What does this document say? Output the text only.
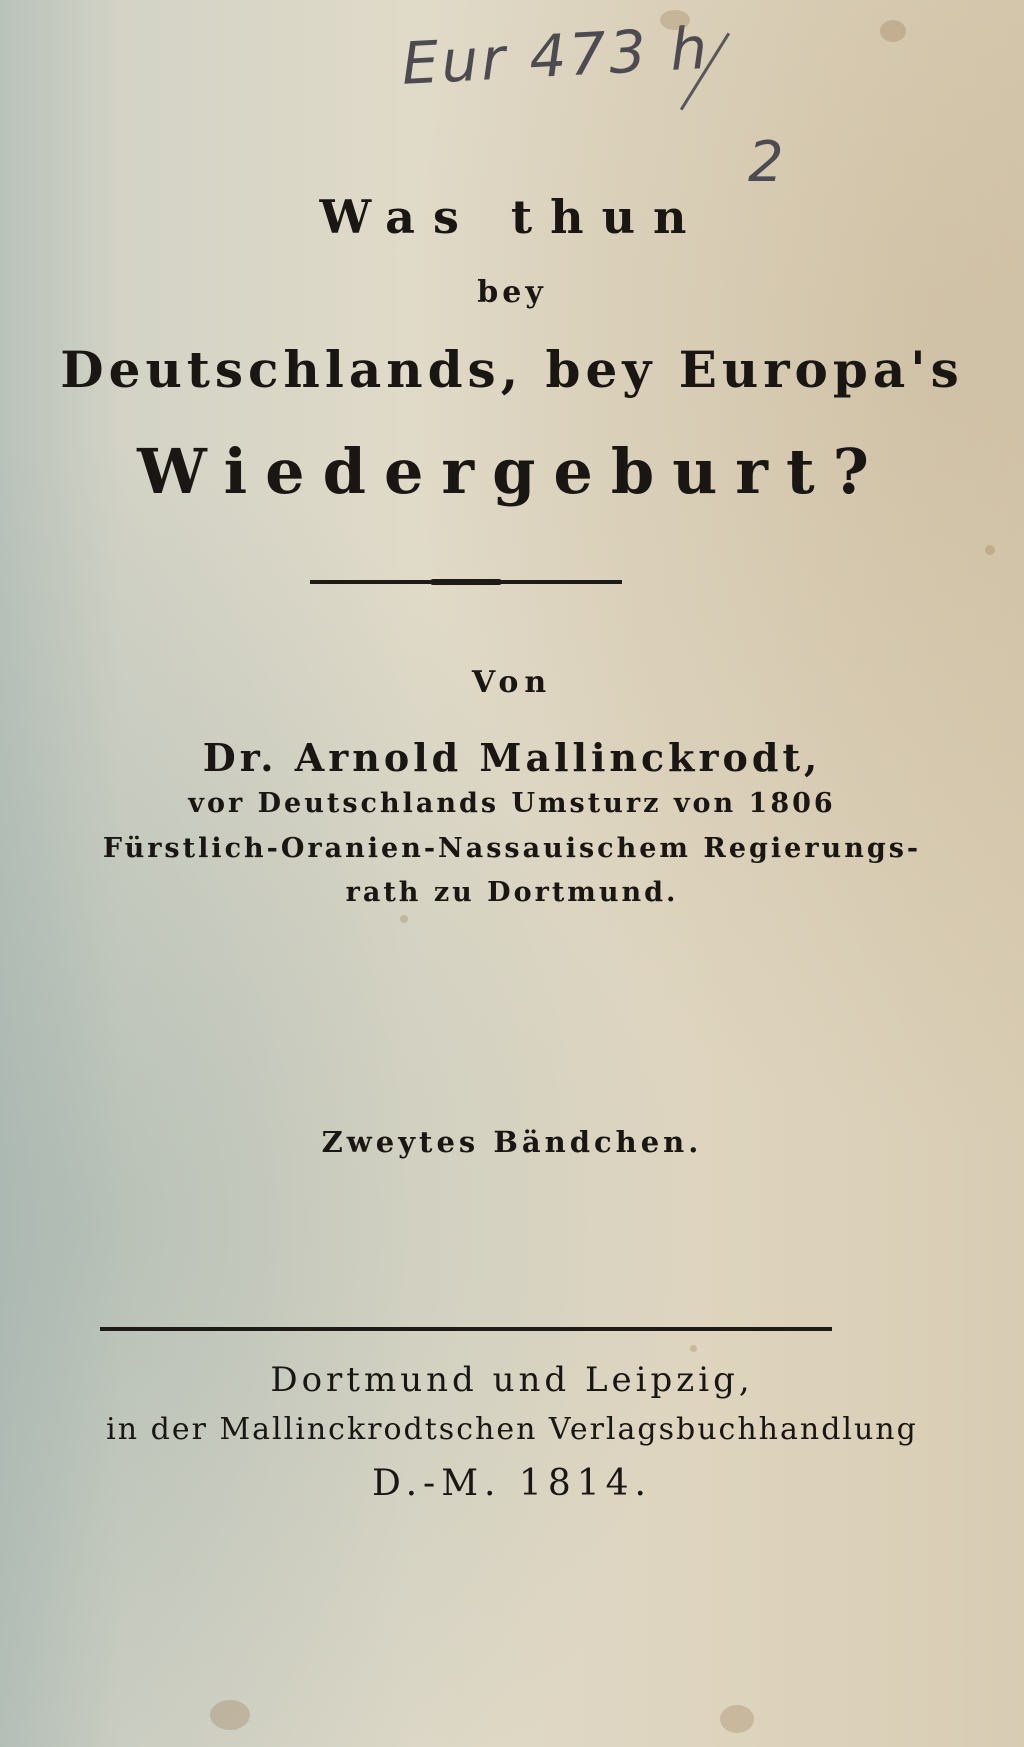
Eur 473 h
2
Was thun
bey
Deutschlands, bey Europa's
Wiedergeburt?
Von
Dr. Arnold Mallinckrodt,
vor Deutschlands Umsturz von 1806
Fürstlich-Oranien-Nassauischem Regierungs-
rath zu Dortmund.
Zweytes Bändchen.
Dortmund und Leipzig,
in der Mallinckrodtschen Verlagsbuchhandlung
D.-M. 1814.
